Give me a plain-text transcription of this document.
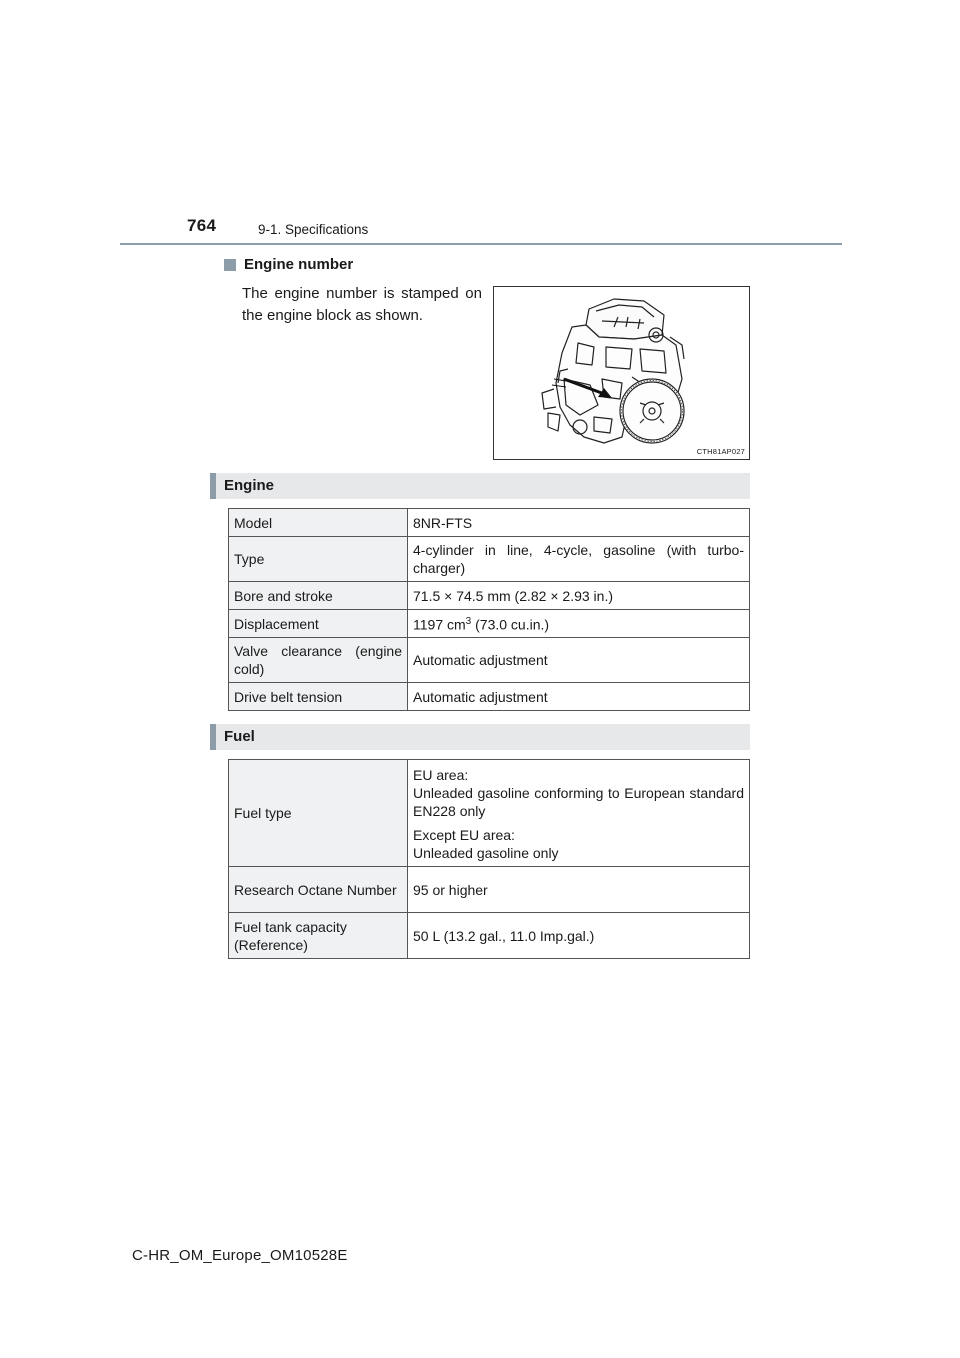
764	9-1. Specifications
Engine number

The engine number is stamped on the engine block as shown.

CTH81AP027
Engine
Model	8NR-FTS
Type	4-cylinder in line, 4-cycle, gasoline (with turbo-charger)
Bore and stroke	71.5 × 74.5 mm (2.82 × 2.93 in.)
Displacement	1197 $cm^3$ (73.0 cu.in.)
Valve clearance (engine cold)	Automatic adjustment
Drive belt tension	Automatic adjustment
Fuel
Fuel type	EU area:
Unleaded gasoline conforming to European standard EN228 only
Except EU area:
Unleaded gasoline only

Research Octane Number	95 or higher
Fuel tank capacity (Reference)	50 L (13.2 gal., 11.0 Imp.gal.)
C-HR_OM_Europe_OM10528E
